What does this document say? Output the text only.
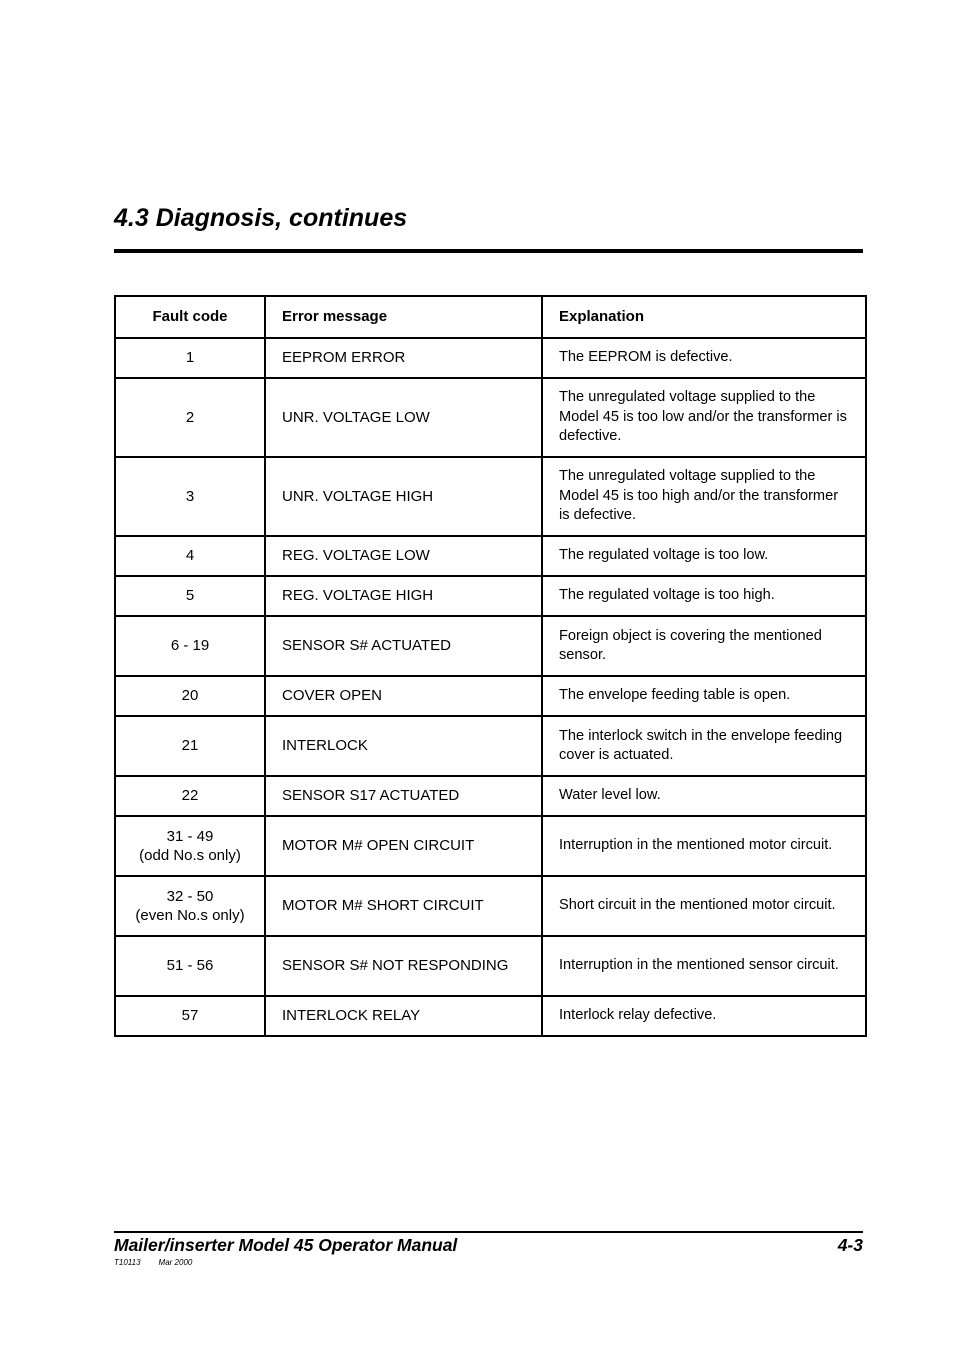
4.3 Diagnosis, continues
Fault code	Error message	Explanation

1	EEPROM ERROR	The EEPROM is defective.

2	UNR. VOLTAGE LOW	The unregulated voltage supplied to the Model 45 is too low and/or the transformer is defective.

3	UNR. VOLTAGE HIGH	The unregulated voltage supplied to the Model 45 is too high and/or the transformer is defective.

4	REG. VOLTAGE LOW	The regulated voltage is too low.

5	REG. VOLTAGE HIGH	The regulated voltage is too high.

6 - 19	SENSOR S# ACTUATED	Foreign object is covering the mentioned sensor.

20	COVER OPEN	The envelope feeding table is open.

21	INTERLOCK	The interlock switch in the envelope feeding cover is actuated.

22	SENSOR S17 ACTUATED	Water level low.

31 - 49
(odd No.s only)	MOTOR M# OPEN CIRCUIT	Interruption in the mentioned motor circuit.

32 - 50
(even No.s only)	MOTOR M# SHORT CIRCUIT	Short circuit in the mentioned motor circuit.

51 - 56	SENSOR S# NOT RESPONDING	Interruption in the mentioned sensor circuit.

57	INTERLOCK RELAY	Interlock relay defective.
Mailer/inserter Model 45 Operator Manual	4-3
T10113 Mar 2000
